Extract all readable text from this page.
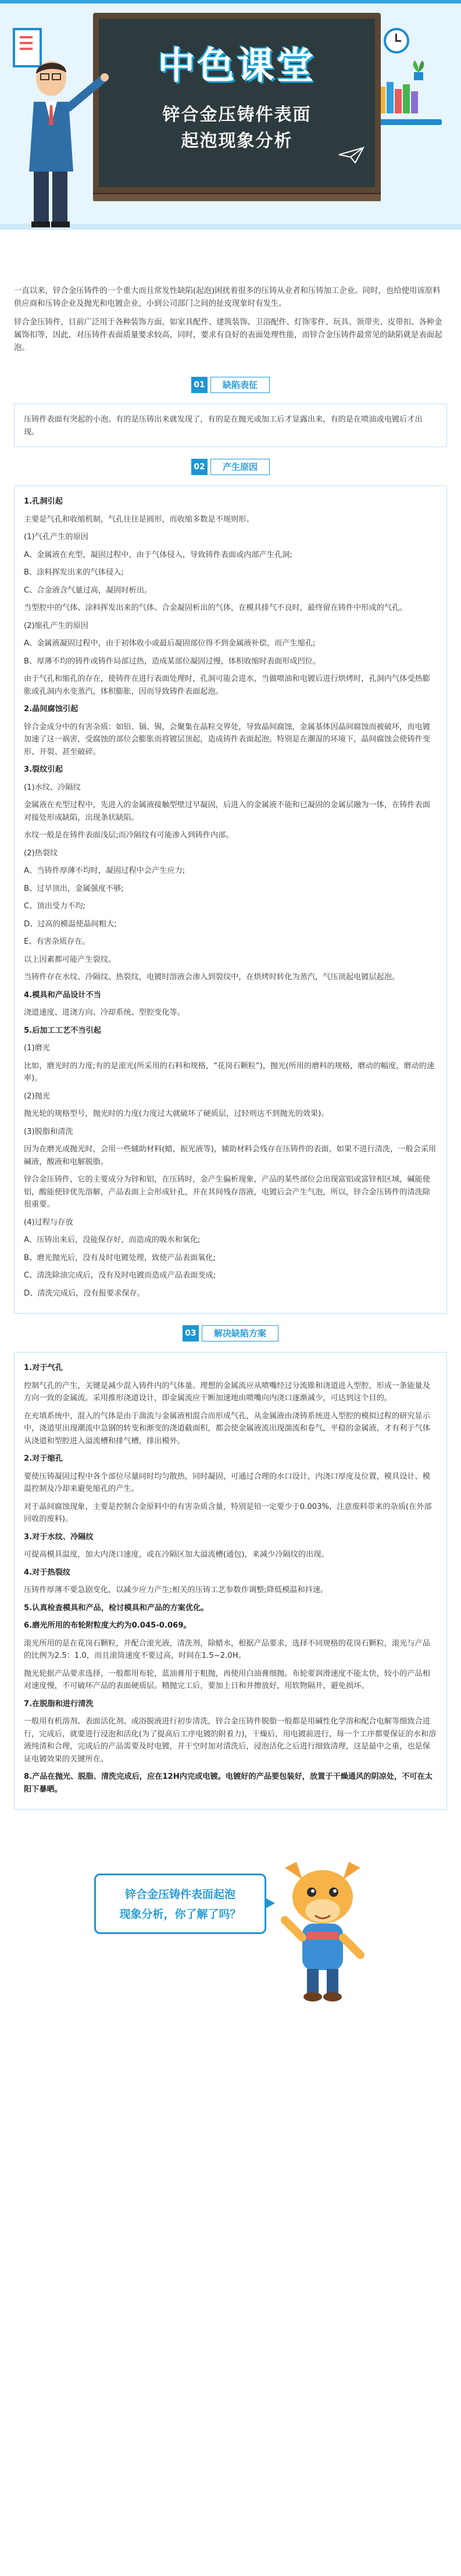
中色课堂
锌合金压铸件表面
起泡现象分析

一直以来，锌合金压铸件的一个重大而且常发性缺陷(起泡)困扰着很多的压铸从业者和压铸加工企业。同时，也给使用该原料供应商和压铸企业及抛光和电镀企业，小到公司部门之间的扯皮现象时有发生。

锌合金压铸件，目前广泛用于各种装饰方面，如家具配件、建筑装饰、卫浴配件、灯饰零件、玩具、领带夹、皮带扣、各种金属饰扣等，因此，对压铸件表面质量要求较高，同时，要求有良好的表面处理性能，而锌合金压铸件最常见的缺陷就是表面起泡。

01 缺陷表征

压铸件表面有突起的小泡。有的是压铸出来就发现了，有的是在抛光或加工后才显露出来，有的是在喷油或电镀后才出现。

02 产生原因

1.孔洞引起

主要是气孔和收缩机制，气孔往往是圆形，而收缩多数是不规则形。

(1)气孔产生的原因

A、金属液在充型，凝固过程中，由于气体侵入，导致铸件表面或内部产生孔洞;

B、涂料挥发出来的气体侵入;

C、合金液含气量过高，凝固时析出。

当型腔中的气体、涂料挥发出来的气体、合金凝固析出的气体，在模具排气不良时，最终留在铸件中形成的气孔。

(2)缩孔产生的原因

A、金属液凝固过程中，由于初体收小或最后凝固部位得不到金属液补偿，而产生缩孔;

B、厚薄不均的铸件或铸件局部过热，造成某部位凝固过慢，体积收缩时表面形成凹位。

由于气孔和缩孔的存在，使铸件在进行表面处理时，孔洞可能会进水，当做喷油和电镀后进行烘烤时，孔洞内气体受热膨胀或孔洞内水变蒸汽，体积膨胀，因而导致铸件表面起泡。

2.晶间腐蚀引起

锌合金成分中的有害杂质：如铅、镉、锡，会聚集在晶粒交界处，导致晶间腐蚀，金属基体因晶间腐蚀而被破坏，而电镀加速了这一祸害，受腐蚀的部位会膨胀而将镀层顶起，造成铸件表面起泡。特别是在潮湿的环境下，晶间腐蚀会使铸件变形、开裂、甚至破碎。

3.裂纹引起

(1)水纹、冷隔纹

金属液在充型过程中，先进入的金属液接触型壁过早凝固，后进入的金属液不能和已凝固的金属层融为一体，在铸件表面对接处形成缺陷，出现条状缺陷。

水纹一般是在铸件表面浅层;而冷隔纹有可能渗入到铸件内部。

(2)热裂纹

A、当铸件厚薄不均时，凝固过程中会产生应力;

B、过早顶出，金属强度不够;

C、顶出受力不均;

D、过高的模温使晶间粗大;

E、有害杂质存在。

以上因素都可能产生裂纹。

当铸件存在水纹、冷隔纹、热裂纹，电镀时溶液会渗入到裂纹中，在烘烤时转化为蒸汽，气压顶起电镀层起泡。

4.模具和产品设计不当

浇道速度、进浇方向、冷却系统、型腔变化等。

5.后加工工艺不当引起

(1)磨光

比如，磨光时的力度;有的是滚光(所采用的石料和规格，“花岗石颗粒”)，抛光(所用的磨料的规格，磨动的幅度，磨动的速率)。

(2)抛光

抛光轮的规格型号，抛光时的力度(力度过大就破坏了硬质层，过轻则达不到抛光的效果)。

(3)脱脂和清洗

因为在磨光或抛光时，会用一些辅助材料(蜡，振光液等)，辅助材料会残存在压铸件的表面，如果不进行清洗，一般会采用碱液，酸液和电解脱脂。

锌合金压铸件，它的主要成分为锌和铝，在压铸时，金产生偏析现象，产品的某些部位会出现富铝或富锌相区域，碱能使铝，酸能使锌优先溶解，产品表面上会形成针孔，并在其间残存溶液，电镀后会产生气泡，所以，锌合金压铸件的清洗除很重要。

(4)过程与存放

A、压铸出来后，没能保存好，而造成的吸水和氧化;

B、磨光抛光后，没有及时电镀处理，致使产品表面氧化;

C、清洗除油完成后，没有及时电镀而造成产品表面变成;

D、清洗完成后，没有报要求保存。

03 解决缺陷方案

1.对于气孔

控制气孔的产生，关键是减少混入铸件内的气体量。理想的金属流应从喷嘴经过分流锥和浇道进入型腔，形成一条能量及方向一致的金属流。采用推形浇道设计，即金属流应干断加速地由喷嘴向内浇口逐渐减少，可达到这个目的。

在充填系统中，混入的气体是由于湍流与金属液相混合而形成气孔，从金属液由浇铸系统进入型腔的模拟过程的研究显示中，浇道里出现潮流中急钢的转变和渐变的浇道截面积，都会使金属液流出现湍流和卷气，平稳的金属液，才有利于气体从浇道和型腔进入溢流槽和排气槽，排出模外。

2.对于缩孔

要使压铸凝固过程中各个部位尽量同时均匀散热，同时凝固，可通过合理的水口设计，内浇口厚度及位置，模具设计、模温控制及冷却来避免缩孔的产生。

对于晶间腐蚀现象，主要是控制合金原料中的有害杂质含量，特别是铅一定要少于0.003%，注意废料带来的杂质(在外部回收的废料)。

3.对于水纹、冷隔纹

可提高模具温度，加大内浇口速度，或在冷隔区加大溢流槽(通包)，来减少冷隔纹的出现。

4.对于热裂纹

压铸件厚薄不要急剧变化，以减少应力产生;相关的压铸工艺参数作调整;降低模温和抖速。

5.认真检查模具和产品，检讨模具和产品的方案优化。

6.磨光所用的布轮附粒度大约为0.045-0.069。

滚光所用的是在花岗石颗粒，并配合滚光液，清洗剂，除蜡水，根据产品要求，选择不同规格的花岗石颗粒，滚光与产品的比例为2.5：1.0，而且滚筒速度不要过高，时间在1.5~2.0H。

抛光轮据产品要求选择，一般都用布轮，蓝油膏用于粗抛，再使用白油膏细抛。布轮要润滑速度不能太快，较小的产品相对速度慢，不可破坏产品的表面硬质层。精抛完工后，要加上日和井擦放好，用软物隔开，避免损坏。

7.在脱脂和进行清洗

一般用有机溶剂、表面活化剂、或浴脱液进行初步清洗，锌合金压铸件脱脂一般都是用碱性化学溶和配合电解等细致合进行，完成后，就要进行浸泡和活化(为了提高后工序电镀的附着力)，干燥后，用电镀前进行，每一个工序都要保证的水和溶液纯清和合理，完成后的产品需要及时电镀，并干空时加对清洗后，浸泡活化之后进行细致清理，这是最中之重，也是保证电镀效果的关键所在。

8.产品在抛光、脱脂、清洗完成后，应在12H内完成电镀。电镀好的产品要包装好，放置于干燥通风的阴凉处，不可在太阳下暴晒。

锌合金压铸件表面起泡
现象分析，你了解了吗？
